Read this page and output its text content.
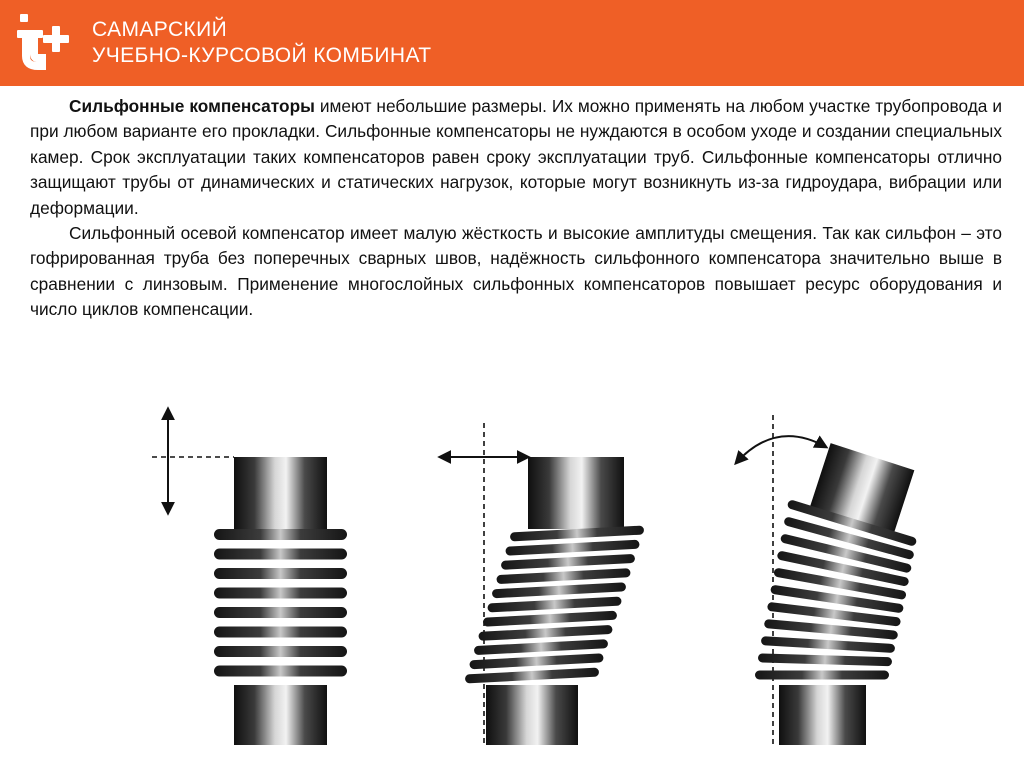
САМАРСКИЙ
УЧЕБНО-КУРСОВОЙ КОМБИНАТ

Сильфонные компенсаторы имеют небольшие размеры. Их можно применять на любом участке трубопровода и при любом варианте его прокладки. Сильфонные компенсаторы не нуждаются в особом уходе и создании специальных камер. Срок эксплуатации таких компенсаторов равен сроку эксплуатации труб. Сильфонные компенсаторы отлично защищают трубы от динамических и статических нагрузок, которые могут возникнуть из-за гидроудара, вибрации или деформации.

Сильфонный осевой компенсатор имеет малую жёсткость и высокие амплитуды смещения. Так как сильфон – это гофрированная труба без поперечных сварных швов, надёжность сильфонного компенсатора значительно выше в сравнении с линзовым. Применение многослойных сильфонных компенсаторов повышает ресурс оборудования и число циклов компенсации.
